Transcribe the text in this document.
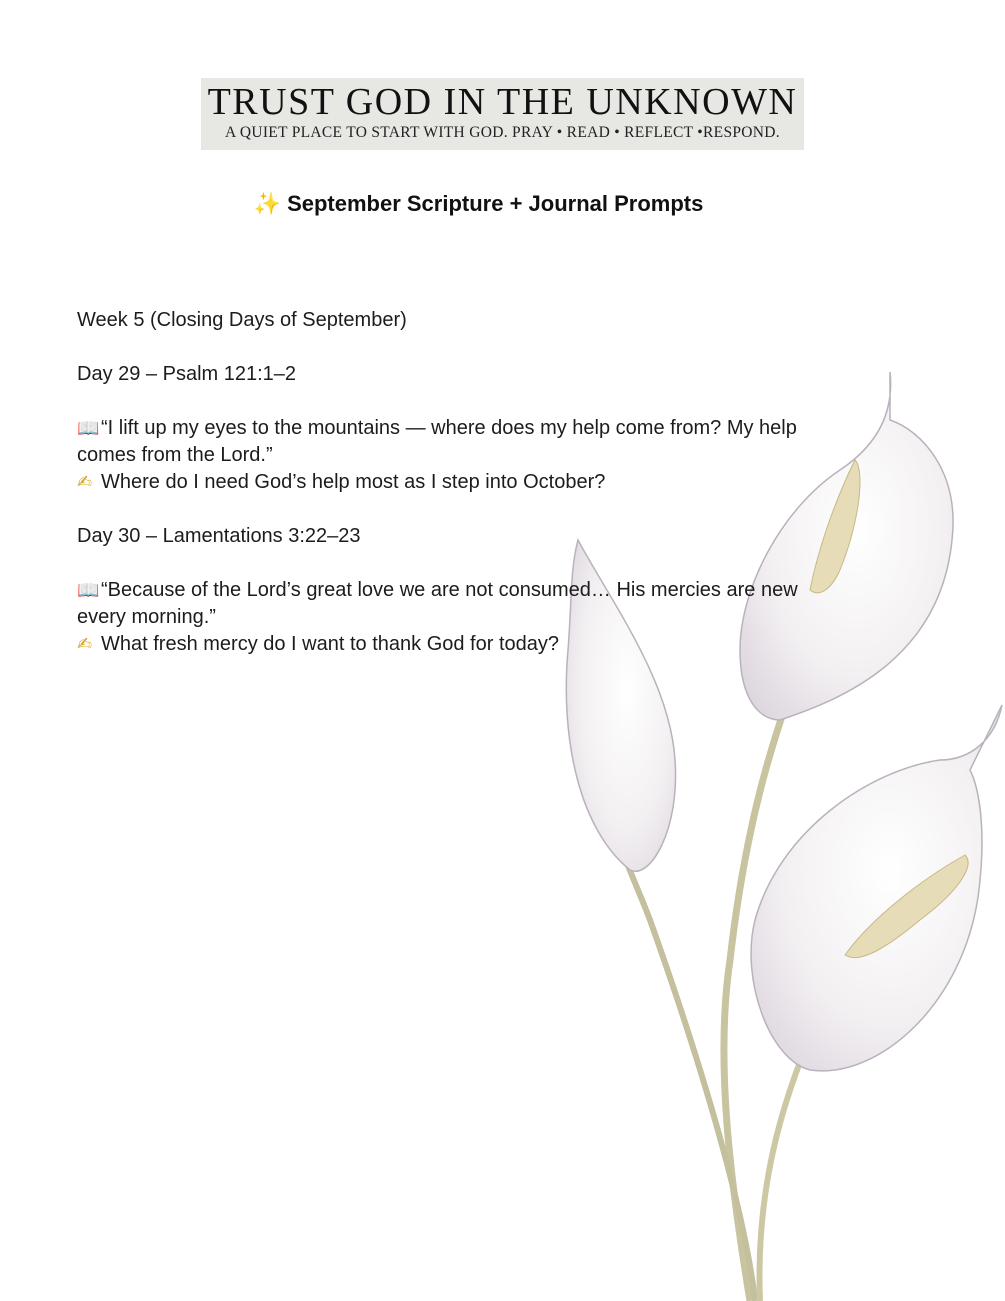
TRUST GOD IN THE UNKNOWN
A QUIET PLACE TO START WITH GOD. PRAY • READ • REFLECT •RESPOND.
✨ September Scripture + Journal Prompts

Week 5 (Closing Days of September)

Day 29 – Psalm 121:1–2

📖“I lift up my eyes to the mountains — where does my help come from? My help

comes from the Lord.”

✍ Where do I need God’s help most as I step into October?

Day 30 – Lamentations 3:22–23

📖“Because of the Lord’s great love we are not consumed… His mercies are new

every morning.”

✍ What fresh mercy do I want to thank God for today?
